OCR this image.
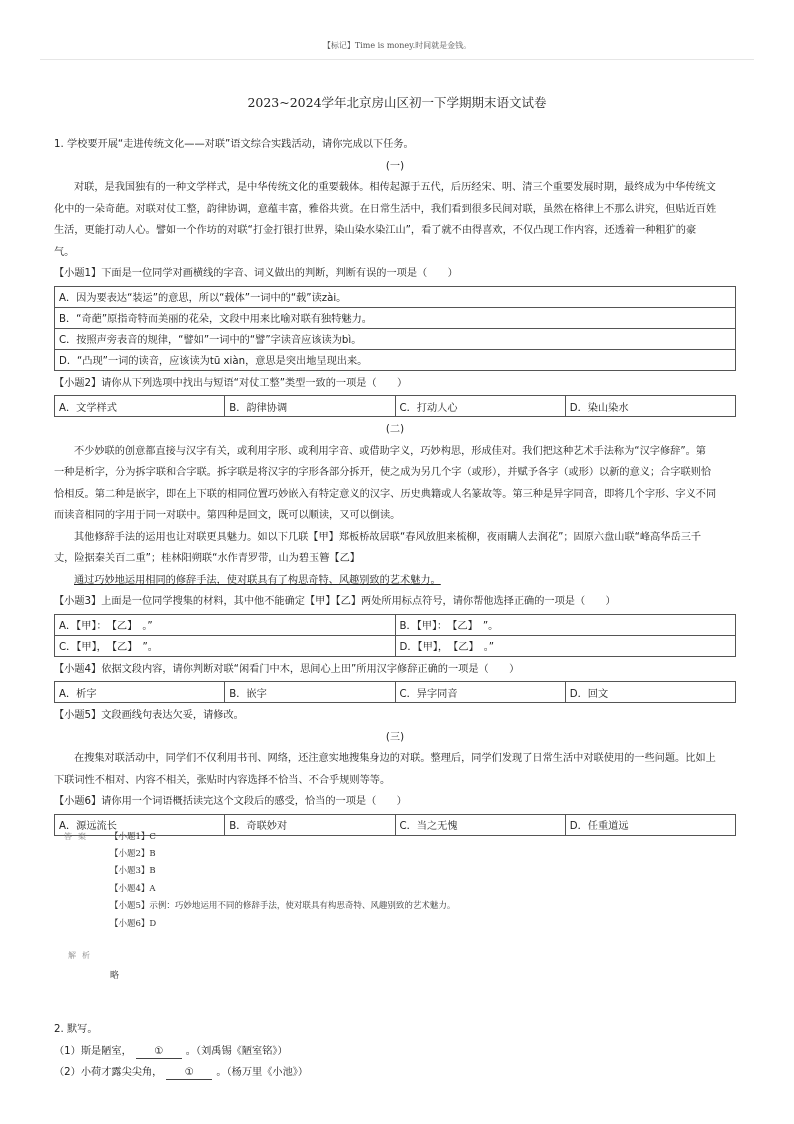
【标记】Time is money.时间就是金钱。
2023~2024学年北京房山区初一下学期期末语文试卷
1. 学校要开展“走进传统文化——对联”语文综合实践活动，请你完成以下任务。
(一)
对联，是我国独有的一种文学样式，是中华传统文化的重要载体。相传起源于五代，后历经宋、明、清三个重要发展时期，最终成为中华传统文
化中的一朵奇葩。对联对仗工整，韵律协调，意蕴丰富，雅俗共赏。在日常生活中，我们看到很多民间对联，虽然在格律上不那么讲究，但贴近百姓
生活，更能打动人心。譬如一个作坊的对联“打金打银打世界，染山染水染江山”，看了就不由得喜欢，不仅凸现工作内容，还透着一种粗犷的豪
气。
【小题1】下面是一位同学对画横线的字音、词义做出的判断，判断有误的一项是（　　）
A．因为要表达“装运”的意思，所以“载体”一词中的“载”读zài。
B．“奇葩”原指奇特而美丽的花朵，文段中用来比喻对联有独特魅力。
C．按照声旁表音的规律，“譬如”一词中的“譬”字读音应该读为bì。
D．“凸现”一词的读音，应该读为tū xiàn，意思是突出地呈现出来。
【小题2】请你从下列选项中找出与短语“对仗工整”类型一致的一项是（　　）
A．文学样式	B．韵律协调	C．打动人心	D．染山染水
(二)
不少妙联的创意都直接与汉字有关，或利用字形、或利用字音、或借助字义，巧妙构思，形成佳对。我们把这种艺术手法称为“汉字修辞”。第
一种是析字，分为拆字联和合字联。拆字联是将汉字的字形各部分拆开，使之成为另几个字（或形），并赋予各字（或形）以新的意义；合字联则恰
恰相反。第二种是嵌字，即在上下联的相同位置巧妙嵌入有特定意义的汉字、历史典籍或人名篆故等。第三种是异字同音，即将几个字形、字义不同
而读音相同的字用于同一对联中。第四种是回文，既可以顺读，又可以倒读。
其他修辞手法的运用也让对联更具魅力。如以下几联【甲】郑板桥故居联“春风放胆来梳柳，夜雨瞒人去润花”；固原六盘山联“峰高华岳三千
丈，险据秦关百二重”；桂林阳朔联“水作青罗带，山为碧玉簪【乙】
通过巧妙地运用相同的修辞手法，使对联具有了构思奇特、风趣别致的艺术魅力。
【小题3】上面是一位同学搜集的材料，其中他不能确定【甲】【乙】两处所用标点符号，请你帮他选择正确的一项是（　　）
A．【甲】：　【乙】　。”	B．【甲】：　【乙】　”。
C．【甲】，　【乙】　”。	D．【甲】，　【乙】　。”
【小题4】依据文段内容，请你判断对联“闲看门中木，思间心上田”所用汉字修辞正确的一项是（　　）
A．析字	B．嵌字	C．异字同音	D．回文
【小题5】文段画线句表达欠妥，请修改。
(三)
在搜集对联活动中，同学们不仅利用书刊、网络，还注意实地搜集身边的对联。整理后，同学们发现了日常生活中对联使用的一些问题。比如上
下联词性不相对、内容不相关，张贴时内容选择不恰当、不合乎规则等等。
【小题6】请你用一个词语概括读完这个文段后的感受，恰当的一项是（　　）
A．源远流长	B．奇联妙对	C．当之无愧	D．任重道远
答案 【小题1】C
【小题2】B
【小题3】B
【小题4】A
【小题5】示例：巧妙地运用不同的修辞手法，使对联具有构思奇特、风趣别致的艺术魅力。
【小题6】D
解析
略
2. 默写。
（1）斯是陋室， ① 。（刘禹锡《陋室铭》）
（2）小荷才露尖尖角， ① 。（杨万里《小池》）
